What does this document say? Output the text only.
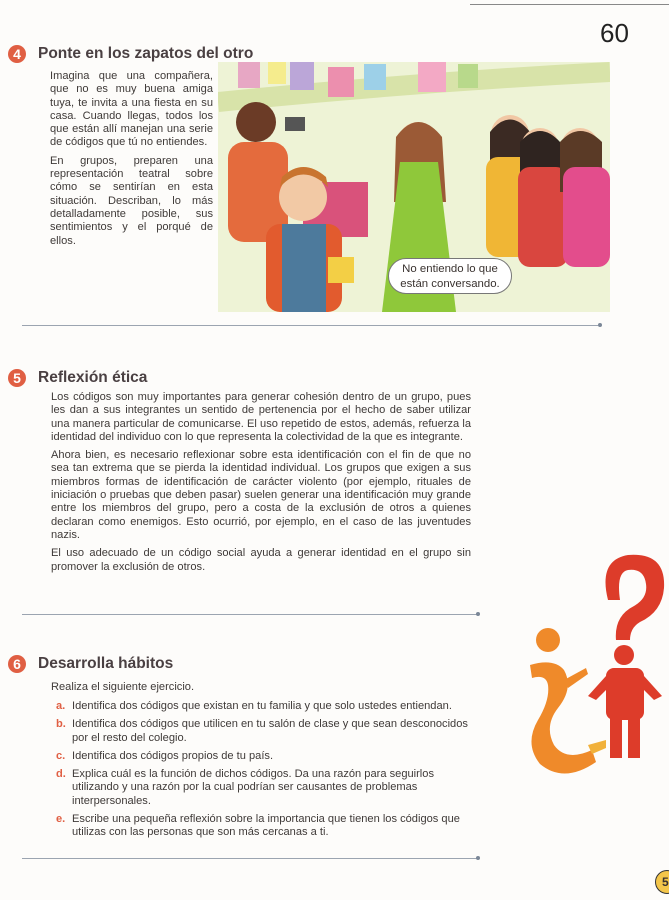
60
4	Ponte en los zapatos del otro

Imagina que una compañera, que no es muy buena amiga tuya, te invita a una fiesta en su casa. Cuando llegas, todos los que están allí manejan una serie de códigos que tú no entiendes.

En grupos, preparen una representación teatral sobre cómo se sentirían en esta situación. Describan, lo más detalladamente posible, sus sentimientos y el porqué de ellos.

No entiendo lo que están conversando.
5	Reflexión ética

Los códigos son muy importantes para generar cohesión dentro de un grupo, pues les dan a sus integrantes un sentido de pertenencia por el hecho de saber utilizar una manera particular de comunicarse. El uso repetido de estos, además, refuerza la identidad del individuo con lo que representa la colectividad de la que es integrante.

Ahora bien, es necesario reflexionar sobre esta identificación con el fin de que no sea tan extrema que se pierda la identidad individual. Los grupos que exigen a sus miembros formas de identificación de carácter violento (por ejemplo, rituales de iniciación o pruebas que deben pasar) suelen generar una identificación muy grande entre los miembros del grupo, pero a costa de la exclusión de otros a quienes declaran como enemigos. Esto ocurrió, por ejemplo, en el caso de las juventudes nazis.

El uso adecuado de un código social ayuda a generar identidad en el grupo sin promover la exclusión de otros.

6	Desarrolla hábitos
Realiza el siguiente ejercicio.
a. Identifica dos códigos que existan en tu familia y que solo ustedes entiendan.
b. Identifica dos códigos que utilicen en tu salón de clase y que sean desconocidos por el resto del colegio.
c. Identifica dos códigos propios de tu país.
d. Explica cuál es la función de dichos códigos. Da una razón para seguirlos utilizando y una razón por la cual podrían ser causantes de problemas interpersonales.
e. Escribe una pequeña reflexión sobre la importancia que tienen los códigos que utilizas con las personas que son más cercanas a ti.
5
